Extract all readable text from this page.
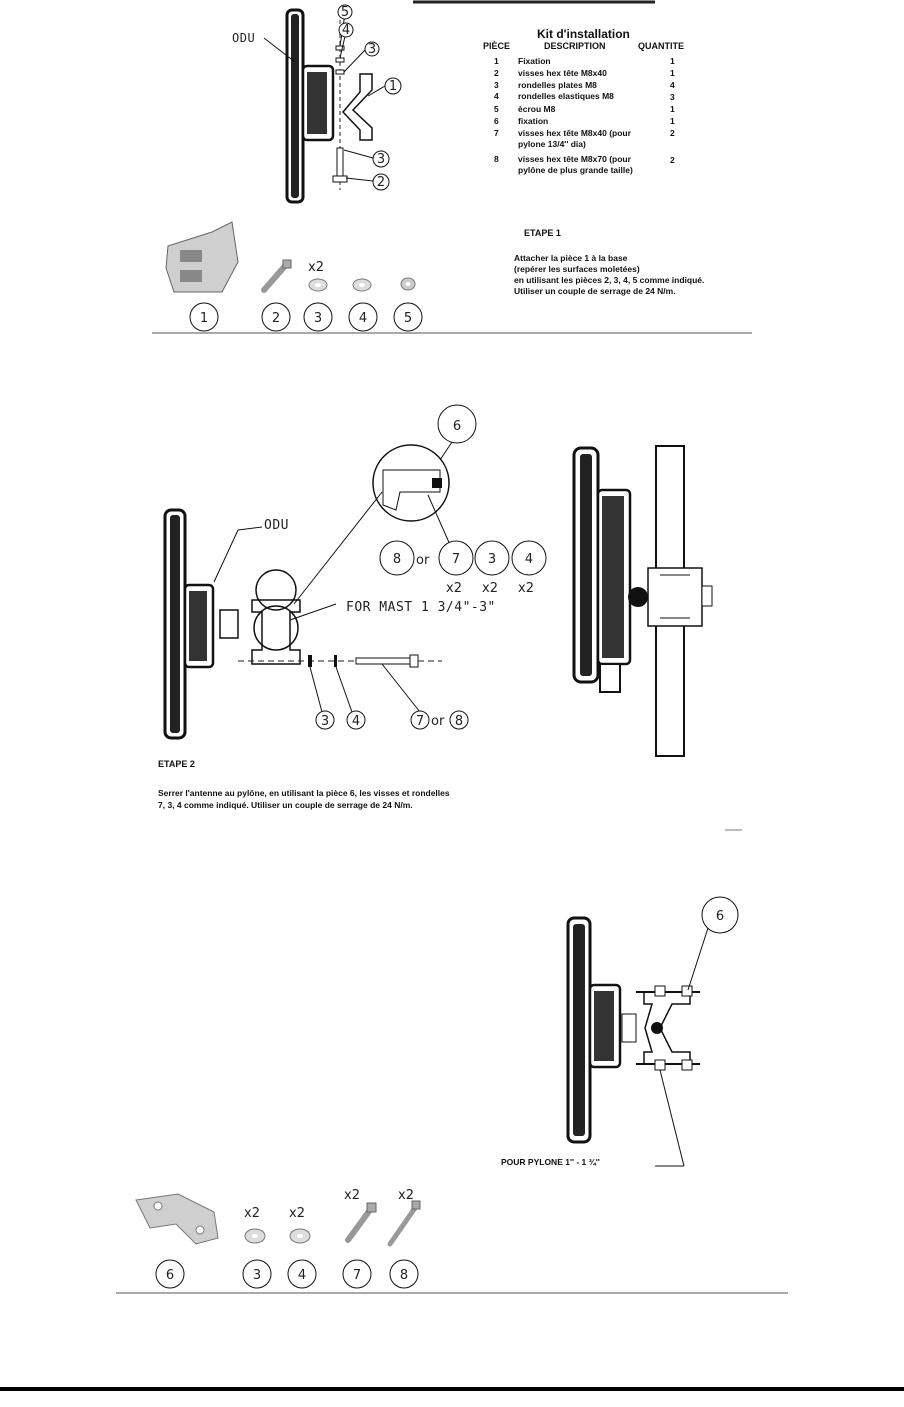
5
4
3
1
3
2
x2
1	2	3	4	5
ODU	Kit d'installation
PIÈCE	DESCRIPTION	QUANTITE
1	Fixation	1
2 visses hex tête M8x40	1
3 rondelles plates M8	4
4 rondelles elastiques M8	3
5 ècrou M8	1
6 fixation	1
7 visses hex tête M8x40 (pour
pylone 13/4'' dia)
2
8 visses hex tête M8x70 (pour
pylône de plus grande taille)
2
ETAPE 1
Attacher la pièce 1 à la base
(repérer les surfaces moletées)
en utilisant les pièces 2, 3, 4, 5 comme indiqué.
Utiliser un couple de serrage de 24 N/m.
6
8 or 7 3 4
x2 x2 x2
3 4	7 or 8
ODU
FOR MAST 1 3/4"-3"
ETAPE 2
Serrer l'antenne au pylône, en utilisant la pièce 6, les visses et rondelles
7, 3, 4 comme indiqué. Utiliser un couple de serrage de 24 N/m.
6
x2 x2
x2	x2
6	3	4	7	8
POUR PYLONE 1'' - 1 ¾''
